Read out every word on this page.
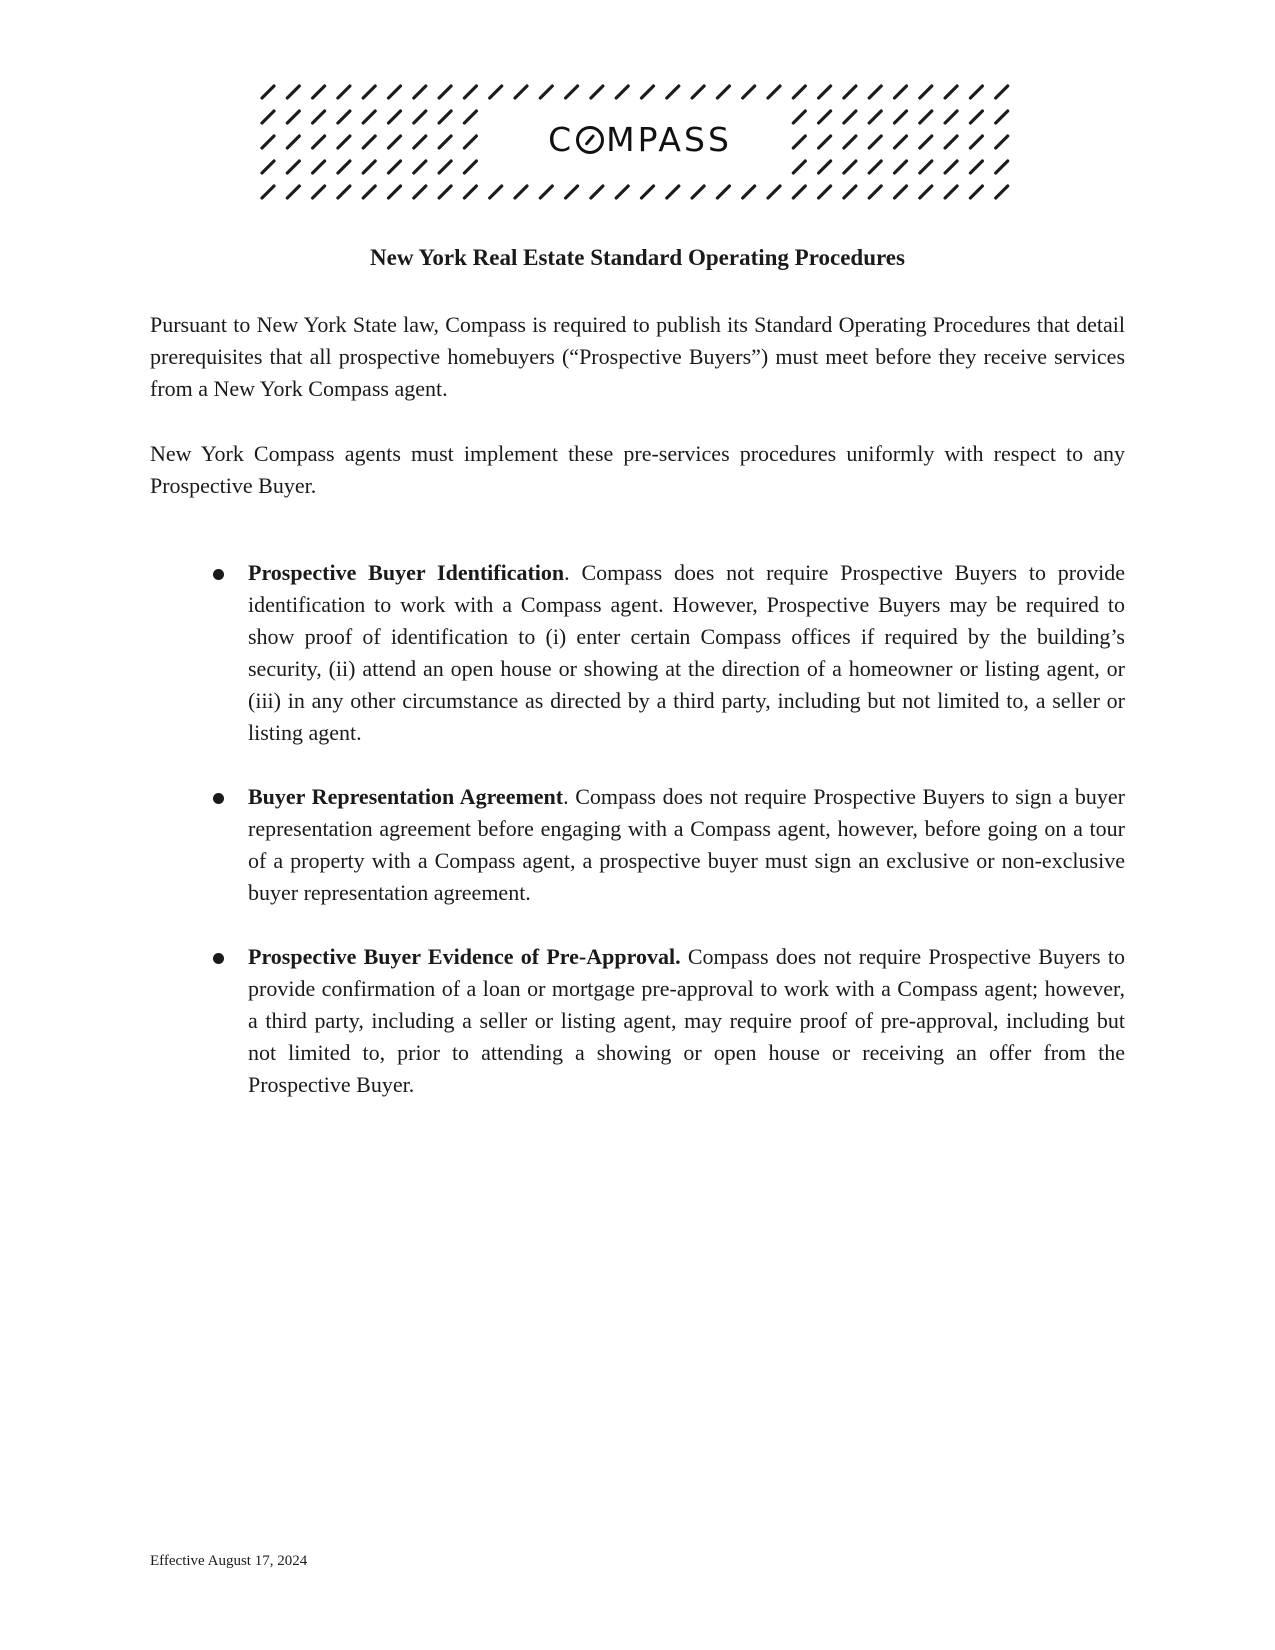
C MPASS
New York Real Estate Standard Operating Procedures

Pursuant to New York State law, Compass is required to publish its Standard Operating Procedures that detail prerequisites that all prospective homebuyers (“Prospective Buyers”) must meet before they receive services from a New York Compass agent.

New York Compass agents must implement these pre-services procedures uniformly with respect to any Prospective Buyer.

Prospective Buyer Identification. Compass does not require Prospective Buyers to provide identification to work with a Compass agent. However, Prospective Buyers may be required to show proof of identification to (i) enter certain Compass offices if required by the building’s security, (ii) attend an open house or showing at the direction of a homeowner or listing agent, or (iii) in any other circumstance as directed by a third party, including but not limited to, a seller or listing agent.
Buyer Representation Agreement. Compass does not require Prospective Buyers to sign a buyer representation agreement before engaging with a Compass agent, however, before going on a tour of a property with a Compass agent, a prospective buyer must sign an exclusive or non-exclusive buyer representation agreement.
Prospective Buyer Evidence of Pre-Approval. Compass does not require Prospective Buyers to provide confirmation of a loan or mortgage pre-approval to work with a Compass agent; however, a third party, including a seller or listing agent, may require proof of pre-approval, including but not limited to, prior to attending a showing or open house or receiving an offer from the Prospective Buyer.
Effective August 17, 2024
